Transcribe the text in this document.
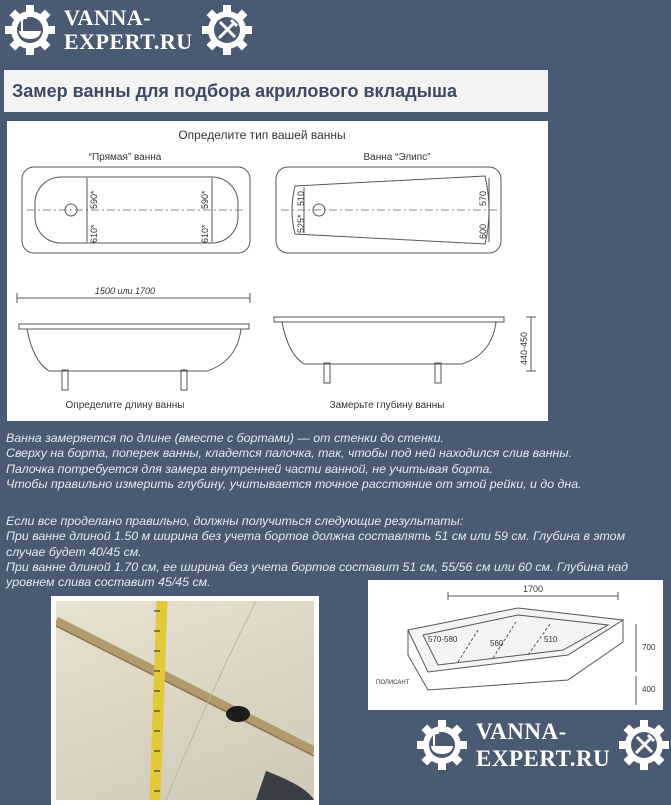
VANNA-
EXPERT.RU
Замер ванны для подбора акрилового вкладыша
Определите тип вашей ванны
“Прямая” ванна	Ванна “Элипс”
590*
610*
590*
610*
510
525*
570
600
1500 или 1700
440-450
Определите длину ванны	Замерьте глубину ванны
Ванна замеряется по длине (вместе с бортами) — от стенки до стенки.
Сверху на борта, поперек ванны, кладется палочка, так, чтобы под ней находился слив ванны.
Палочка потребуется для замера внутренней части ванной, не учитывая борта.
Чтобы правильно измерить глубину, учитывается точное расстояние от этой рейки, и до дна.
Если все проделано правильно, должны получиться следующие результаты:
При ванне длиной 1.50 м ширина без учета бортов должна составлять 51 см или 59 см. Глубина в этом случае будет 40/45 см.
При ванне длиной 1.70 см, ее ширина без учета бортов составит 51 см, 55/56 см или 60 см. Глубина над уровнем слива составит 45/45 см.	1700
570-580	560	510
700
400
ПОЛИСАНТ
VANNA-
EXPERT.RU
